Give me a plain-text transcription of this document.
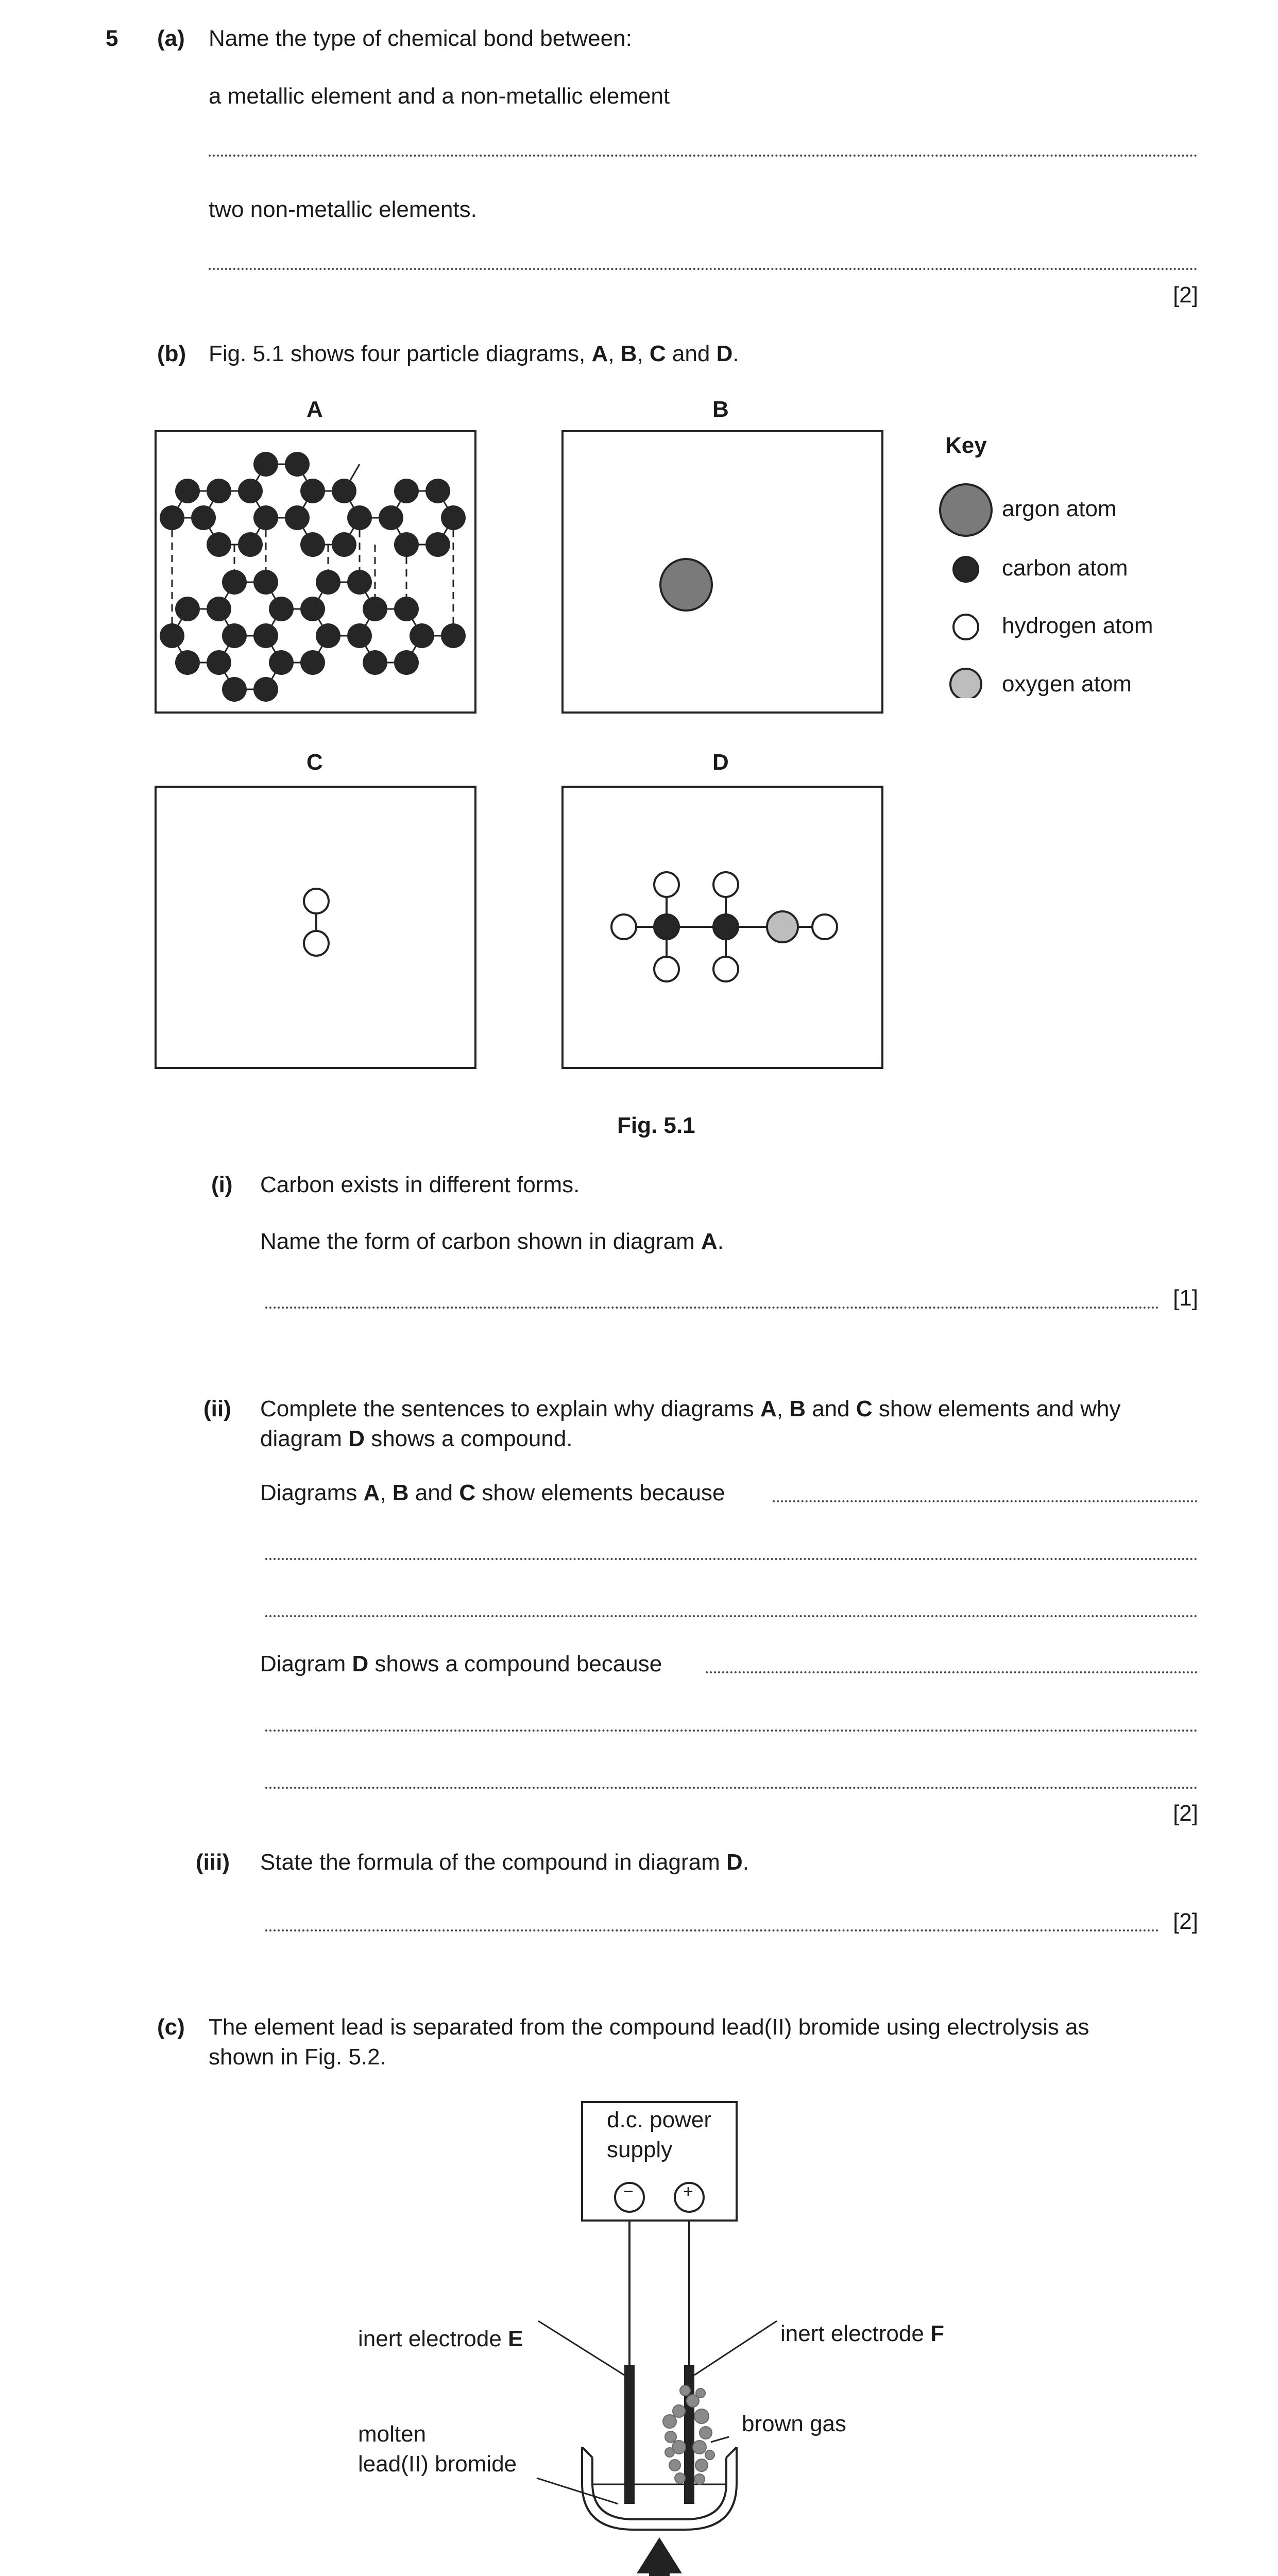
5 (a) Name the type of chemical bond between:
a metallic element and a non-metallic element
two non-metallic elements.
[2]
(b) Fig. 5.1 shows four particle diagrams, A, B, C and D.
A	B
C	D
Key
argon atom
carbon atom
hydrogen atom
oxygen atom
Fig. 5.1
(i) Carbon exists in different forms.
Name the form of carbon shown in diagram A.
[1]
(ii) Complete the sentences to explain why diagrams A, B and C show elements and why
diagram D shows a compound.
Diagrams A, B and C show elements because
Diagram D shows a compound because
[2]
(iii) State the formula of the compound in diagram D.
[2]
(c) The element lead is separated from the compound lead(II) bromide using electrolysis as
shown in Fig. 5.2.
d.c. power
supply
−	+
inert electrode E	inert electrode F
brown gas
molten
lead(II) bromide
